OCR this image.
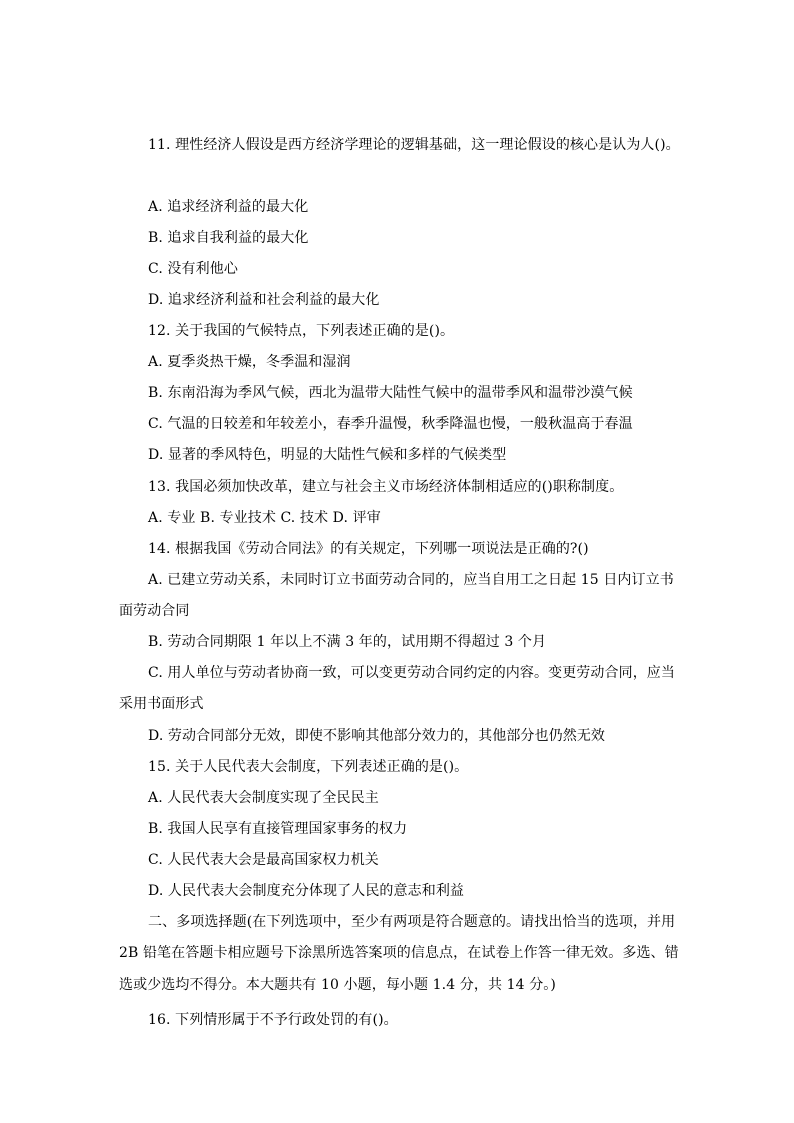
11. 理性经济人假设是西方经济学理论的逻辑基础，这一理论假设的核心是认为人()。
A. 追求经济利益的最大化
B. 追求自我利益的最大化
C. 没有利他心
D. 追求经济利益和社会利益的最大化
12. 关于我国的气候特点，下列表述正确的是()。
A. 夏季炎热干燥，冬季温和湿润
B. 东南沿海为季风气候，西北为温带大陆性气候中的温带季风和温带沙漠气候
C. 气温的日较差和年较差小，春季升温慢，秋季降温也慢，一般秋温高于春温
D. 显著的季风特色，明显的大陆性气候和多样的气候类型
13. 我国必须加快改革，建立与社会主义市场经济体制相适应的()职称制度。
A. 专业 B. 专业技术 C. 技术 D. 评审
14. 根据我国《劳动合同法》的有关规定，下列哪一项说法是正确的?()
A. 已建立劳动关系，未同时订立书面劳动合同的，应当自用工之日起 15 日内订立书
面劳动合同
B. 劳动合同期限 1 年以上不满 3 年的，试用期不得超过 3 个月
C. 用人单位与劳动者协商一致，可以变更劳动合同约定的内容。变更劳动合同，应当
采用书面形式
D. 劳动合同部分无效，即使不影响其他部分效力的，其他部分也仍然无效
15. 关于人民代表大会制度，下列表述正确的是()。
A. 人民代表大会制度实现了全民民主
B. 我国人民享有直接管理国家事务的权力
C. 人民代表大会是最高国家权力机关
D. 人民代表大会制度充分体现了人民的意志和利益
二、多项选择题(在下列选项中，至少有两项是符合题意的。请找出恰当的选项，并用
2B 铅笔在答题卡相应题号下涂黑所选答案项的信息点，在试卷上作答一律无效。多选、错
选或少选均不得分。本大题共有 10 小题，每小题 1.4 分，共 14 分。)
16. 下列情形属于不予行政处罚的有()。
